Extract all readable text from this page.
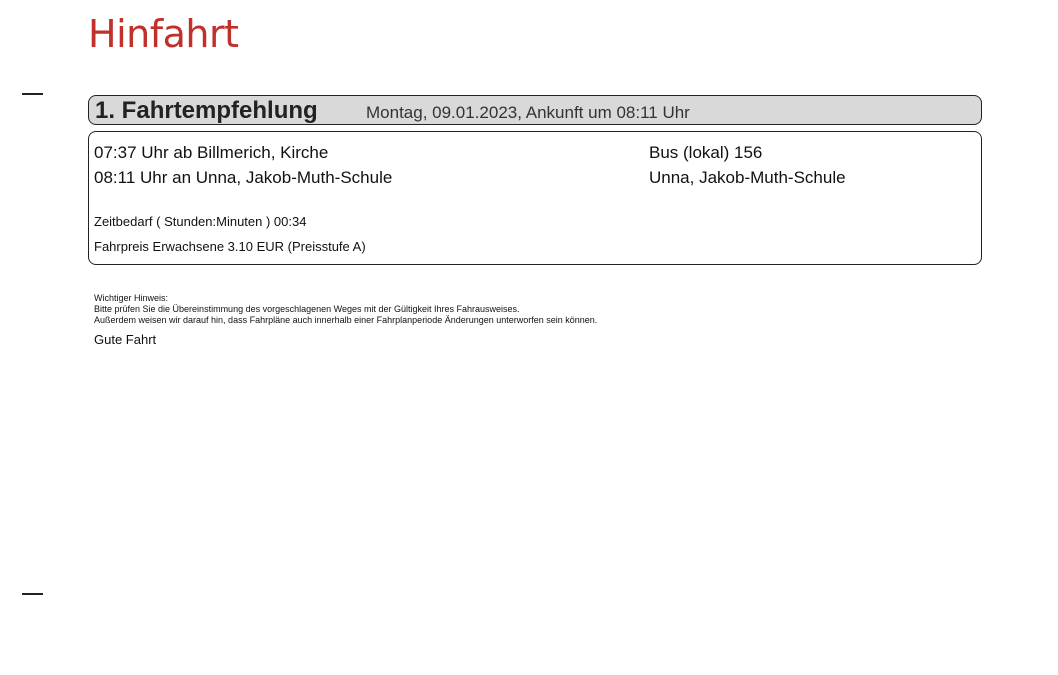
Hinfahrt
1. Fahrtempfehlung	Montag, 09.01.2023, Ankunft um 08:11 Uhr
07:37 Uhr ab Billmerich, Kirche
08:11 Uhr an Unna, Jakob-Muth-Schule
Bus (lokal) 156
Unna, Jakob-Muth-Schule
Zeitbedarf ( Stunden:Minuten ) 00:34
Fahrpreis Erwachsene 3.10 EUR (Preisstufe A)
Wichtiger Hinweis:
Bitte prüfen Sie die Übereinstimmung des vorgeschlagenen Weges mit der Gültigkeit Ihres Fahrausweises.
Außerdem weisen wir darauf hin, dass Fahrpläne auch innerhalb einer Fahrplanperiode Änderungen unterworfen sein können.
Gute Fahrt
